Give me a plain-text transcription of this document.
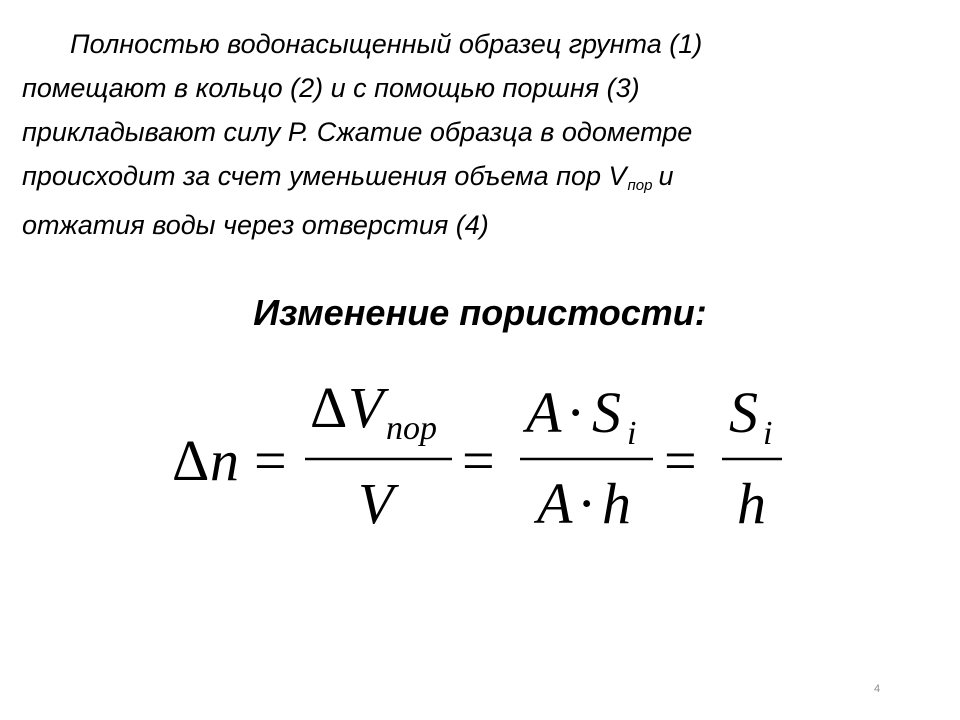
Полностью водонасыщенный образец грунта (1)
помещают в кольцо (2) и с помощью поршня (3)
прикладывают силу Р. Сжатие образца в одометре
происходит за счет уменьшения объема пор Vпор и
отжатия воды через отверстия (4)

Изменение пористости:
Δ n =
Δ V пор
V
=
A · S i
A · h
=
S i
h
4
